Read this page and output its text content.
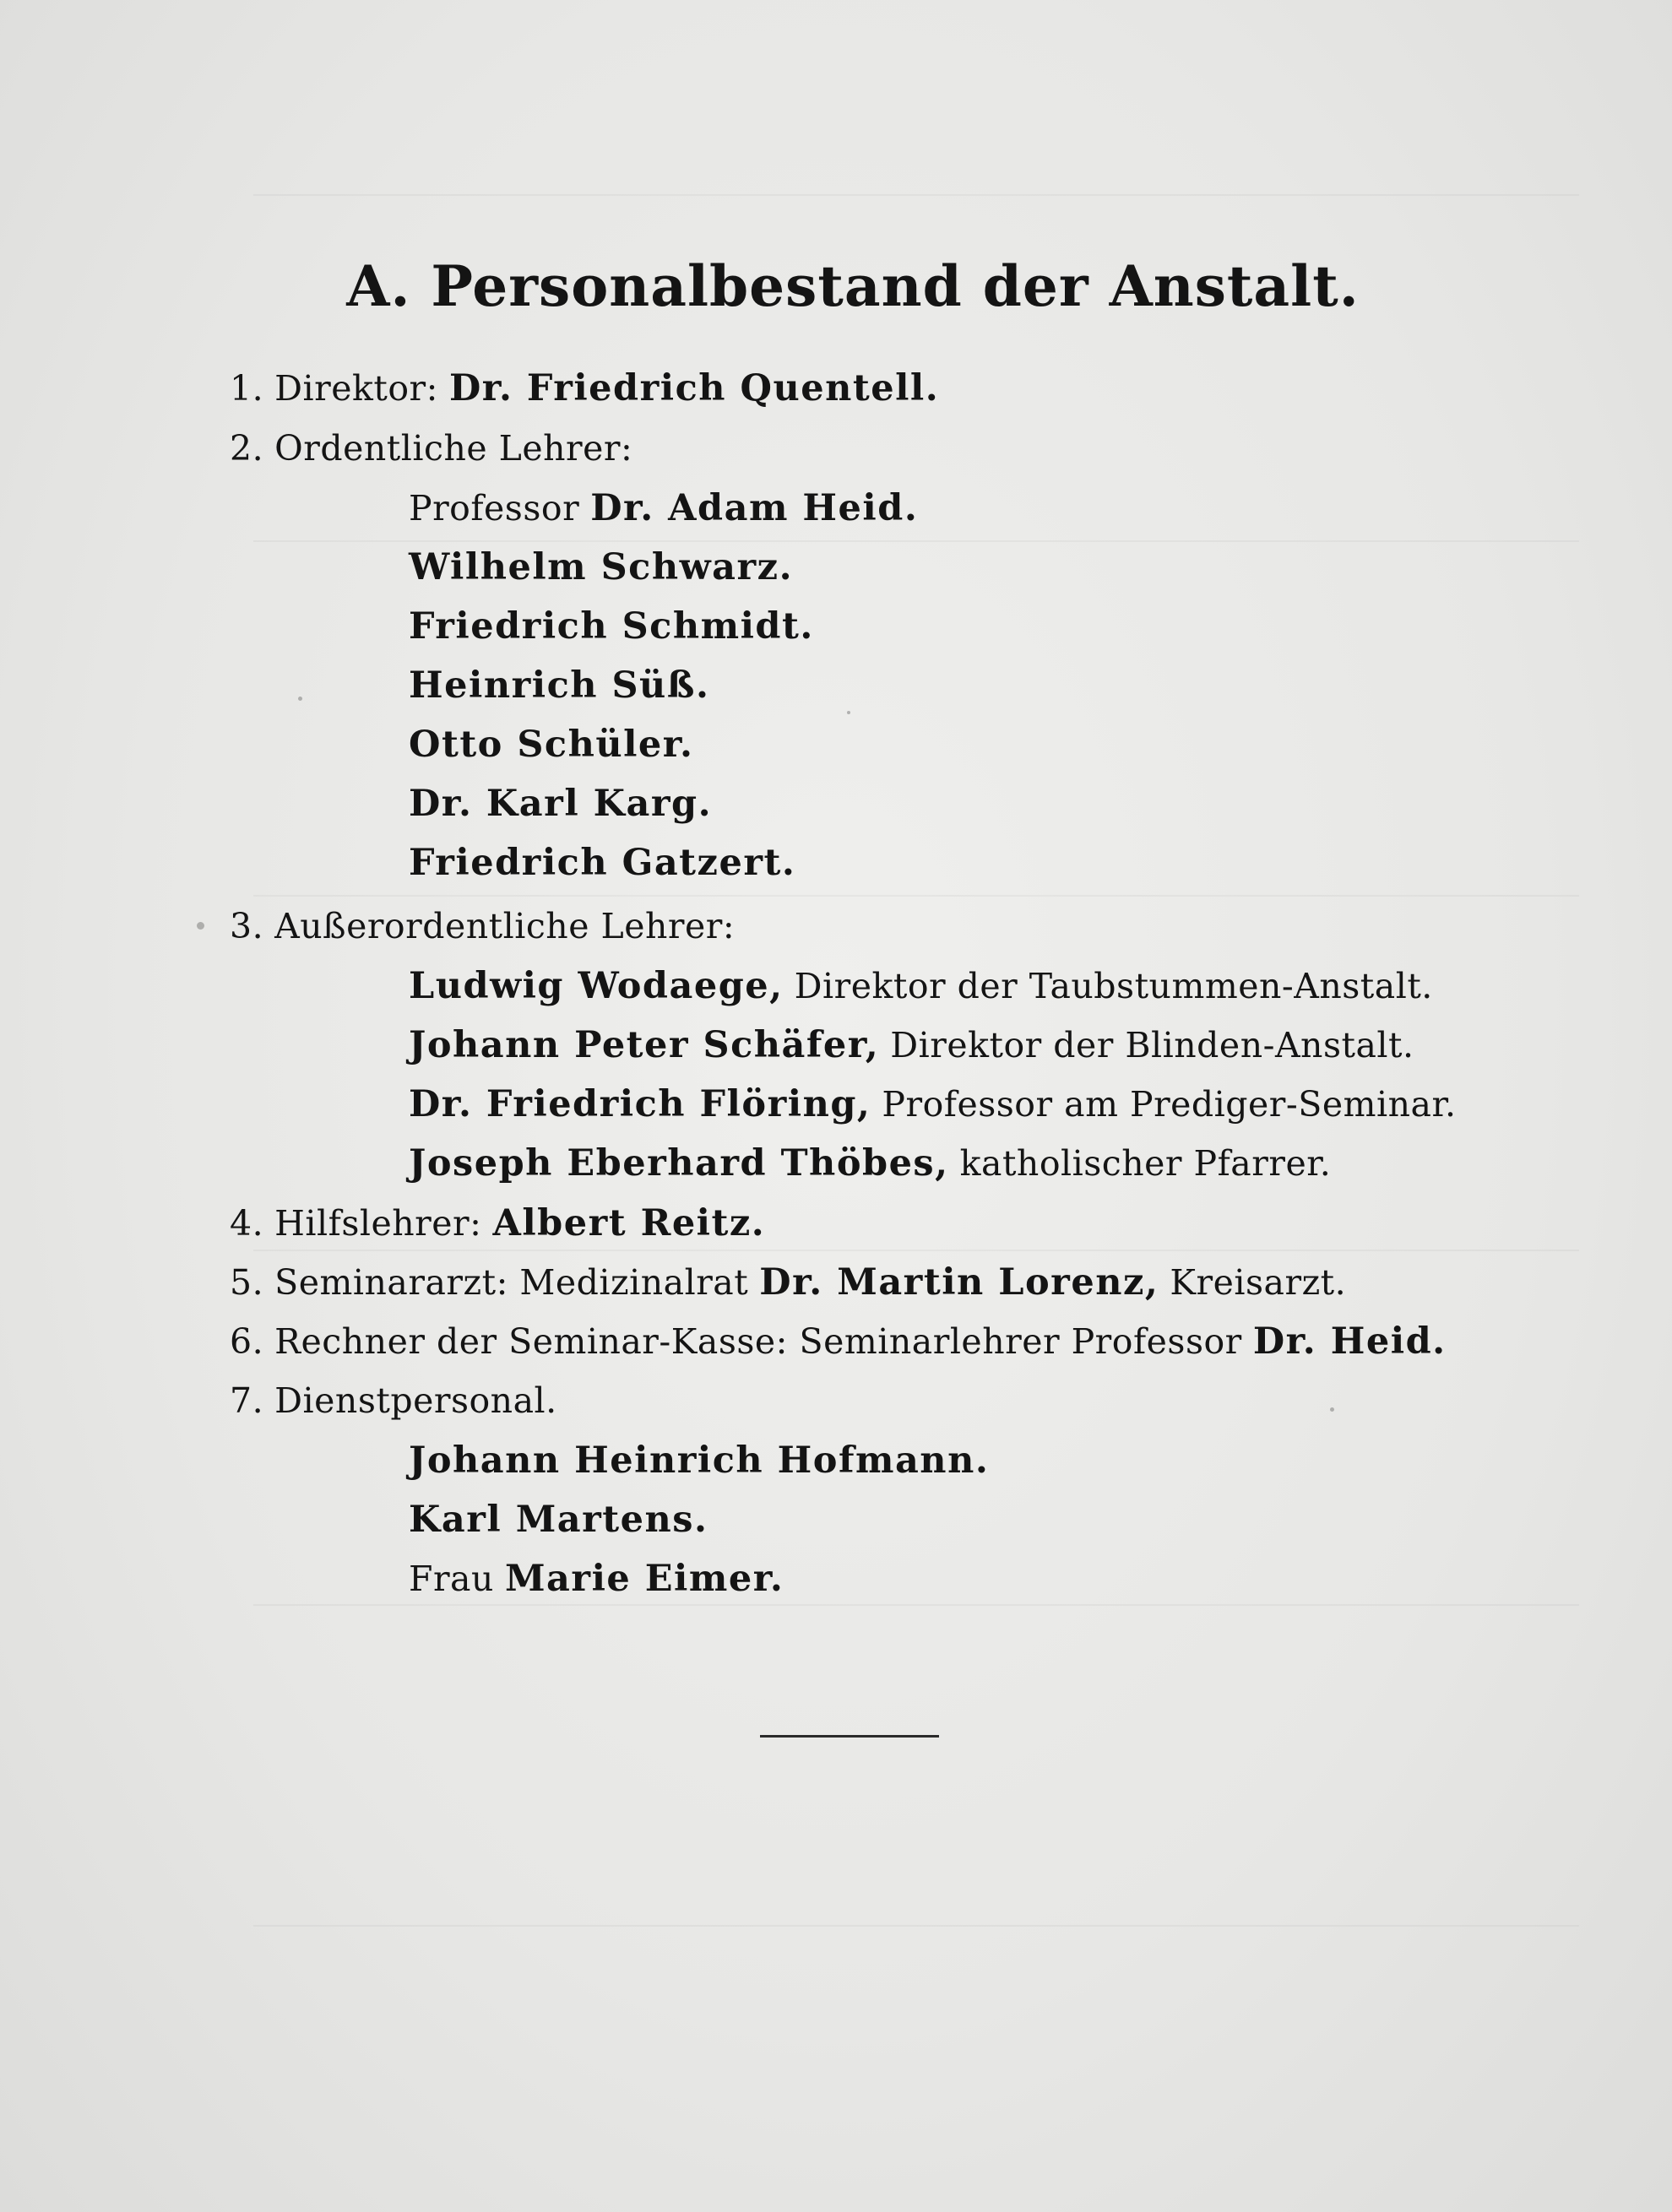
A. Personalbestand der Anstalt.
1. Direktor: Dr. Friedrich Quentell.
2. Ordentliche Lehrer:
Professor Dr. Adam Heid.
Wilhelm Schwarz.
Friedrich Schmidt.
Heinrich Süß.
Otto Schüler.
Dr. Karl Karg.
Friedrich Gatzert.
3. Außerordentliche Lehrer:
Ludwig Wodaege, Direktor der Taubstummen-Anstalt.
Johann Peter Schäfer, Direktor der Blinden-Anstalt.
Dr. Friedrich Flöring, Professor am Prediger-Seminar.
Joseph Eberhard Thöbes, katholischer Pfarrer.
4. Hilfslehrer: Albert Reitz.
5. Seminararzt: Medizinalrat Dr. Martin Lorenz, Kreisarzt.
6. Rechner der Seminar-Kasse: Seminarlehrer Professor Dr. Heid.
7. Dienstpersonal.
Johann Heinrich Hofmann.
Karl Martens.
Frau Marie Eimer.
